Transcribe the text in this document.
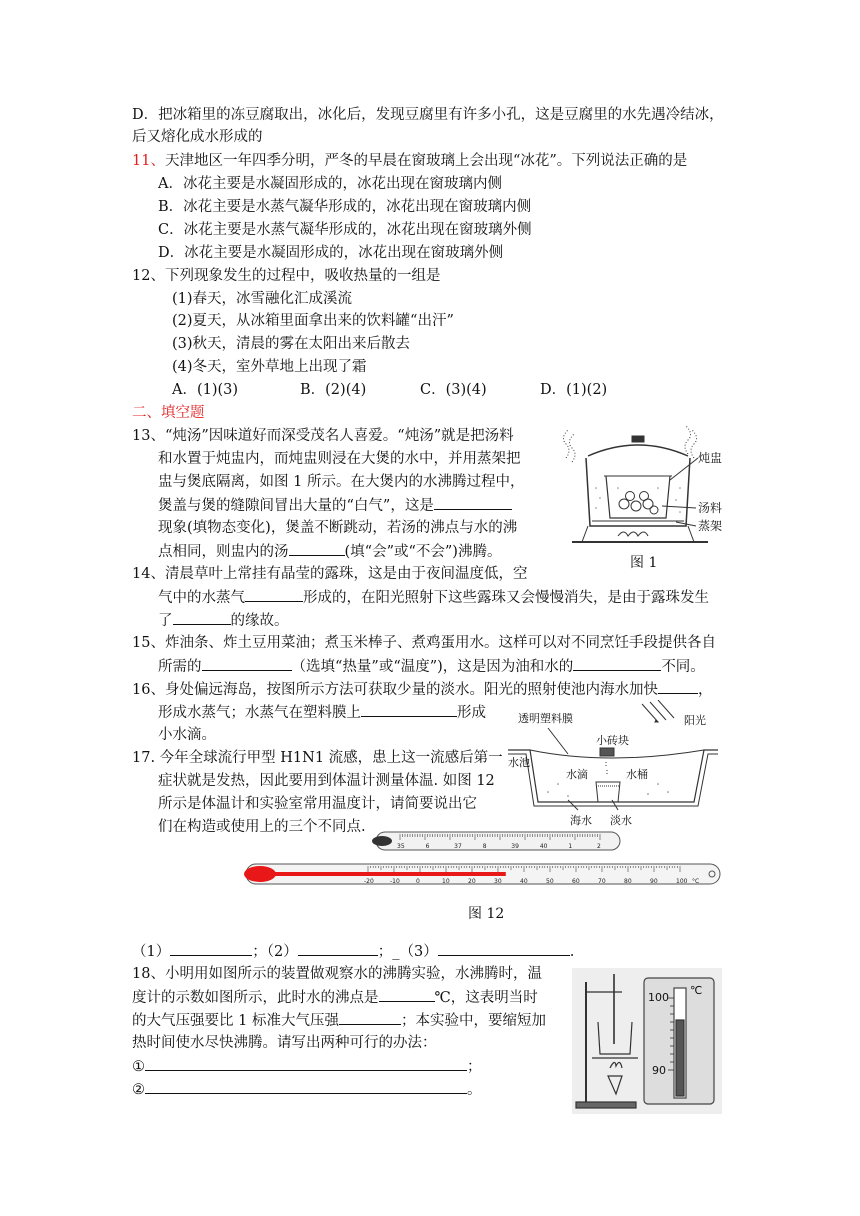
D．把冰箱里的冻豆腐取出，冰化后，发现豆腐里有许多小孔，这是豆腐里的水先遇冷结冰，
后又熔化成水形成的
11、天津地区一年四季分明，严冬的早晨在窗玻璃上会出现“冰花”。下列说法正确的是
A．冰花主要是水凝固形成的，冰花出现在窗玻璃内侧
B．冰花主要是水蒸气凝华形成的，冰花出现在窗玻璃内侧
C．冰花主要是水蒸气凝华形成的，冰花出现在窗玻璃外侧
D．冰花主要是水凝固形成的，冰花出现在窗玻璃外侧
12、下列现象发生的过程中，吸收热量的一组是
(1)春天，冰雪融化汇成溪流
(2)夏天，从冰箱里面拿出来的饮料罐“出汗”
(3)秋天，清晨的雾在太阳出来后散去
(4)冬天，室外草地上出现了霜
A．(1)(3)	B．(2)(4)	C．(3)(4)	D．(1)(2)
二、填空题
13、“炖汤”因味道好而深受茂名人喜爱。“炖汤”就是把汤料
和水置于炖盅内，而炖盅则浸在大煲的水中，并用蒸架把
盅与煲底隔离，如图 1 所示。在大煲内的水沸腾过程中，
煲盖与煲的缝隙间冒出大量的“白气”，这是
现象(填物态变化)，煲盖不断跳动，若汤的沸点与水的沸
点相同，则盅内的汤	(填“会”或“不会”)沸腾。
炖盅
汤料
蒸架
图 1
14、清晨草叶上常挂有晶莹的露珠，这是由于夜间温度低，空
气中的水蒸气	形成的，在阳光照射下这些露珠又会慢慢消失，是由于露珠发生
了	的缘故。
15、炸油条、炸土豆用菜油；煮玉米棒子、煮鸡蛋用水。这样可以对不同烹饪手段提供各自
所需的	（选填“热量”或“温度”)，这是因为油和水的	不同。
16、身处偏远海岛，按图所示方法可获取少量的淡水。阳光的照射使池内海水加快	，
形成水蒸气；水蒸气在塑料膜上	形成
小水滴。
透明塑料膜
小砖块
阳光
水池
水滴	水桶
海水 淡水
17. 今年全球流行甲型 H1N1 流感，患上这一流感后第一
症状就是发热，因此要用到体温计测量体温. 如图 12
所示是体温计和实验室常用温度计，请简要说出它
们在构造或使用上的三个不同点.
35	6	37	8	39	40	1	2
-20	-10	0	10	20	30	40	50	60	70	80	90	100 °C
图 12
（1）	；（2）	；_（3）	.
18、小明用如图所示的装置做观察水的沸腾实验，水沸腾时，温
度计的示数如图所示，此时水的沸点是	℃，这表明当时
的大气压强要比 1 标准大气压强	；本实验中，要缩短加
热时间使水尽快沸腾。请写出两种可行的办法：
①	；
②	。
100
℃
90
